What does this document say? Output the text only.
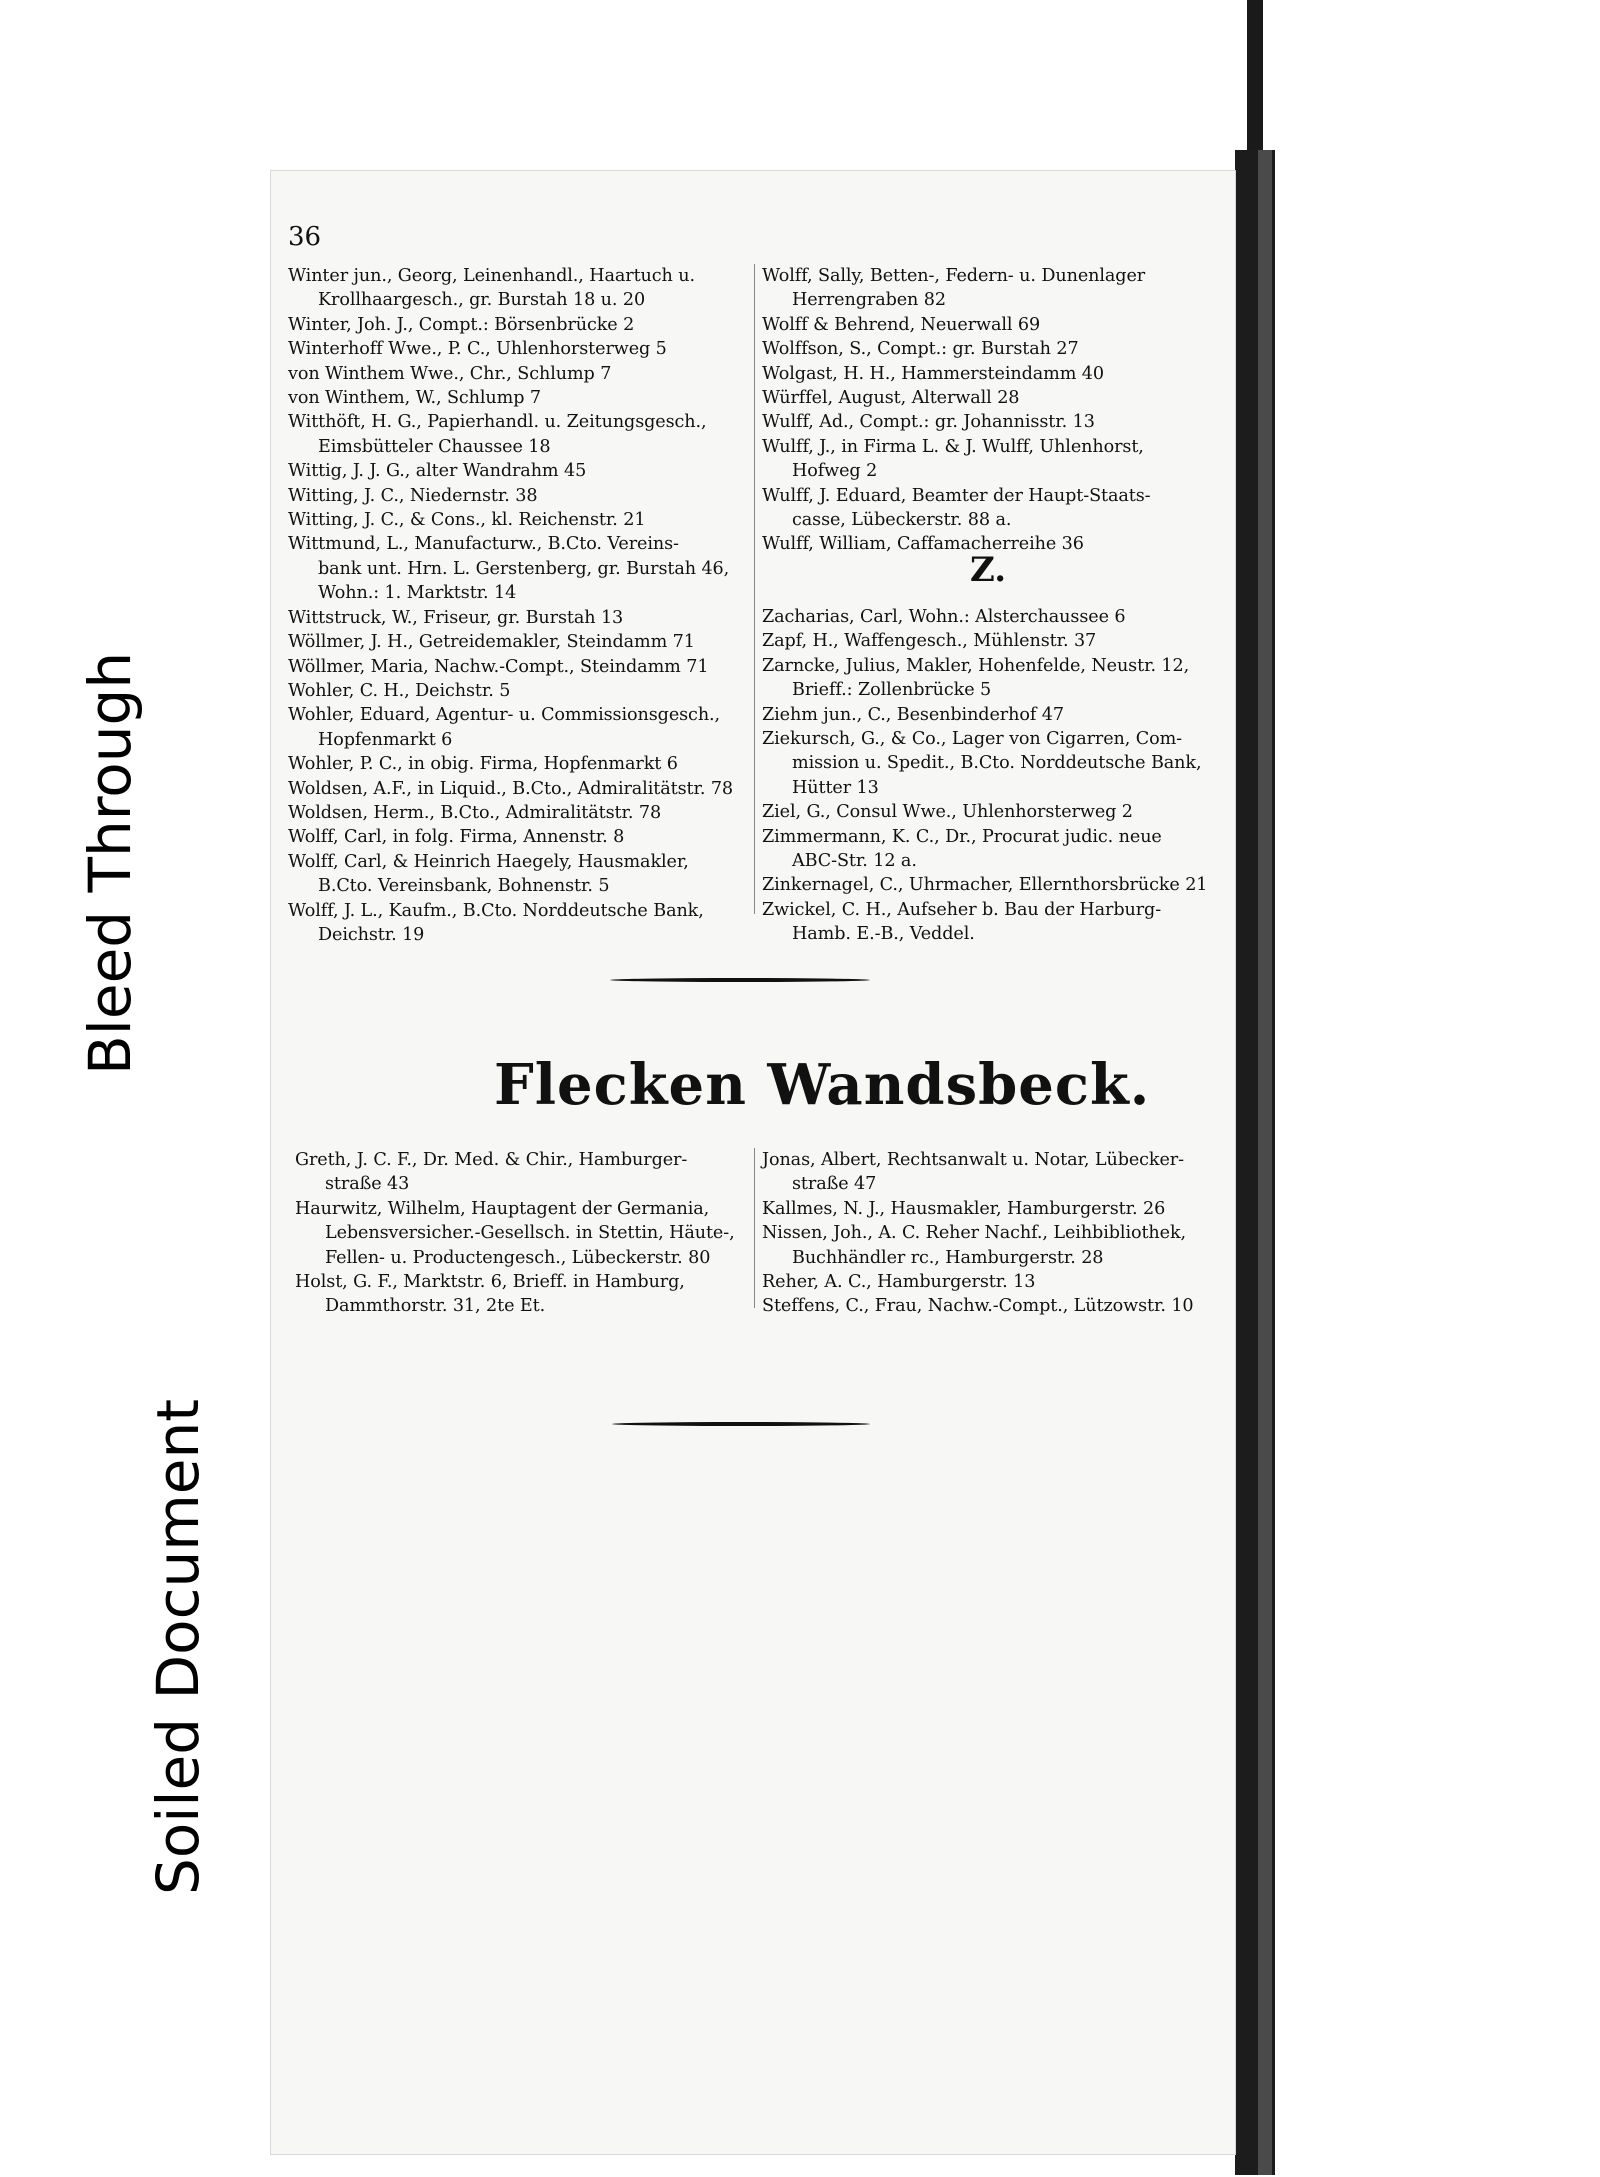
36
Winter jun., Georg, Leinenhandl., Haartuch u.
Krollhaargesch., gr. Burstah 18 u. 20
Winter, Joh. J., Compt.: Börsenbrücke 2
Winterhoff Wwe., P. C., Uhlenhorsterweg 5
von Winthem Wwe., Chr., Schlump 7
von Winthem, W., Schlump 7
Witthöft, H. G., Papierhandl. u. Zeitungsgesch.,
Eimsbütteler Chaussee 18
Wittig, J. J. G., alter Wandrahm 45
Witting, J. C., Niedernstr. 38
Witting, J. C., & Cons., kl. Reichenstr. 21
Wittmund, L., Manufacturw., B.Cto. Vereins-
bank unt. Hrn. L. Gerstenberg, gr. Burstah 46,
Wohn.: 1. Marktstr. 14
Wittstruck, W., Friseur, gr. Burstah 13
Wöllmer, J. H., Getreidemakler, Steindamm 71
Wöllmer, Maria, Nachw.-Compt., Steindamm 71
Wohler, C. H., Deichstr. 5
Wohler, Eduard, Agentur- u. Commissionsgesch.,
Hopfenmarkt 6
Wohler, P. C., in obig. Firma, Hopfenmarkt 6
Woldsen, A.F., in Liquid., B.Cto., Admiralitätstr. 78
Woldsen, Herm., B.Cto., Admiralitätstr. 78
Wolff, Carl, in folg. Firma, Annenstr. 8
Wolff, Carl, & Heinrich Haegely, Hausmakler,
B.Cto. Vereinsbank, Bohnenstr. 5
Wolff, J. L., Kaufm., B.Cto. Norddeutsche Bank,
Deichstr. 19
Wolff, Sally, Betten-, Federn- u. Dunenlager
Herrengraben 82
Wolff & Behrend, Neuerwall 69
Wolffson, S., Compt.: gr. Burstah 27
Wolgast, H. H., Hammersteindamm 40
Würffel, August, Alterwall 28
Wulff, Ad., Compt.: gr. Johannisstr. 13
Wulff, J., in Firma L. & J. Wulff, Uhlenhorst,
Hofweg 2
Wulff, J. Eduard, Beamter der Haupt-Staats-
casse, Lübeckerstr. 88 a.
Wulff, William, Caffamacherreihe 36
Zacharias, Carl, Wohn.: Alsterchaussee 6
Zapf, H., Waffengesch., Mühlenstr. 37
Zarncke, Julius, Makler, Hohenfelde, Neustr. 12,
Brieff.: Zollenbrücke 5
Ziehm jun., C., Besenbinderhof 47
Ziekursch, G., & Co., Lager von Cigarren, Com-
mission u. Spedit., B.Cto. Norddeutsche Bank,
Hütter 13
Ziel, G., Consul Wwe., Uhlenhorsterweg 2
Zimmermann, K. C., Dr., Procurat judic. neue
ABC-Str. 12 a.
Zinkernagel, C., Uhrmacher, Ellernthorsbrücke 21
Zwickel, C. H., Aufseher b. Bau der Harburg-
Hamb. E.-B., Veddel.
Z.
Flecken Wandsbeck.
Greth, J. C. F., Dr. Med. & Chir., Hamburger-
straße 43
Haurwitz, Wilhelm, Hauptagent der Germania,
Lebensversicher.-Gesellsch. in Stettin, Häute-,
Fellen- u. Productengesch., Lübeckerstr. 80
Holst, G. F., Marktstr. 6, Brieff. in Hamburg,
Dammthorstr. 31, 2te Et.
Jonas, Albert, Rechtsanwalt u. Notar, Lübecker-
straße 47
Kallmes, N. J., Hausmakler, Hamburgerstr. 26
Nissen, Joh., A. C. Reher Nachf., Leihbibliothek,
Buchhändler rc., Hamburgerstr. 28
Reher, A. C., Hamburgerstr. 13
Steffens, C., Frau, Nachw.-Compt., Lützowstr. 10
Bleed Through
Soiled Document
